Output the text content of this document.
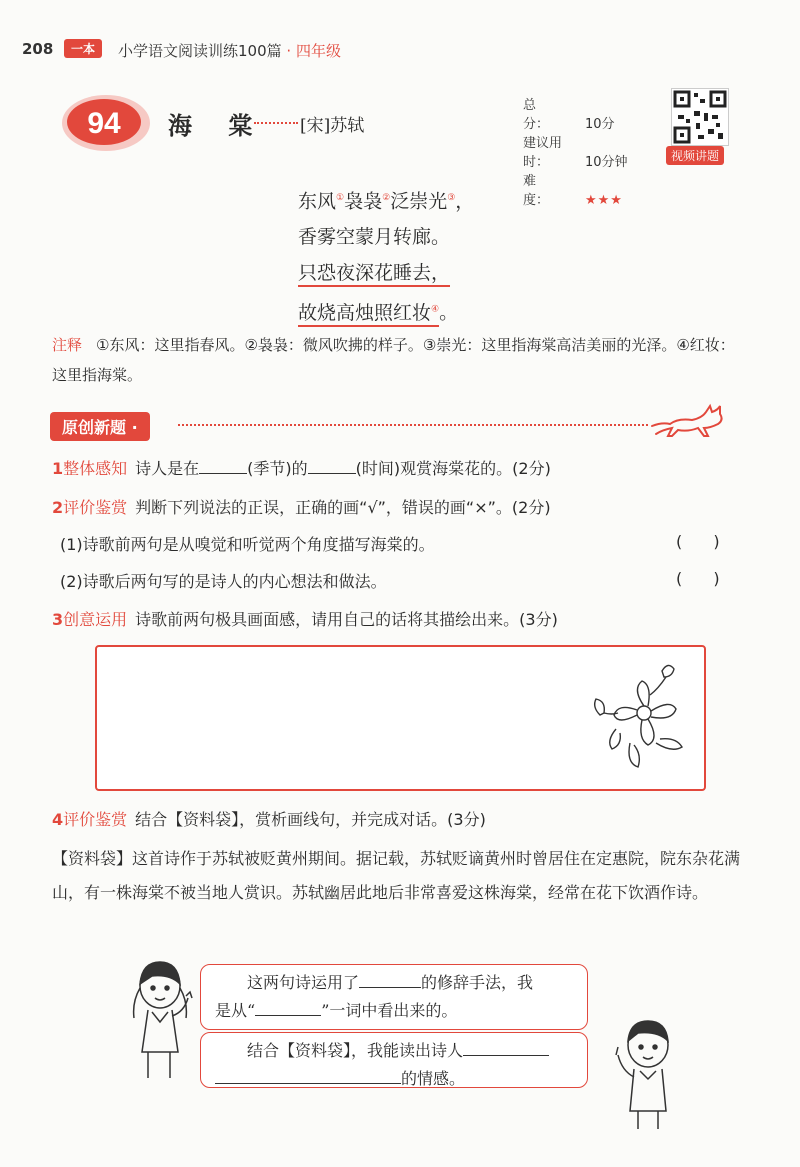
208	一本	小学语文阅读训练100篇 · 四年级
94 海 棠 [宋]苏轼
总　　分：	10分
建议用时：	10分钟
难　　度：	★★★
视频讲题
东风①袅袅②泛崇光③，
香雾空蒙月转廊。
只恐夜深花睡去，
故烧高烛照红妆④。
注释 ①东风：这里指春风。②袅袅：微风吹拂的样子。③崇光：这里指海棠高洁美丽的光泽。④红妆：这里指海棠。
原创新题 ·
1整体感知 诗人是在	(季节)的	(时间)观赏海棠花的。(2分)
2评价鉴赏 判断下列说法的正误，正确的画“√”，错误的画“×”。(2分)
(1)诗歌前两句是从嗅觉和听觉两个角度描写海棠的。	( )
(2)诗歌后两句写的是诗人的内心想法和做法。	( )
3创意运用 诗歌前两句极具画面感，请用自己的话将其描绘出来。(3分)
4评价鉴赏 结合【资料袋】，赏析画线句，并完成对话。(3分)
【资料袋】这首诗作于苏轼被贬黄州期间。据记载，苏轼贬谪黄州时曾居住在定惠院，院东杂花满山，有一株海棠不被当地人赏识。苏轼幽居此地后非常喜爱这株海棠，经常在花下饮酒作诗。
　　这两句诗运用了	的修辞手法，我
是从“	”一词中看出来的。
　　结合【资料袋】，我能读出诗人
的情感。
